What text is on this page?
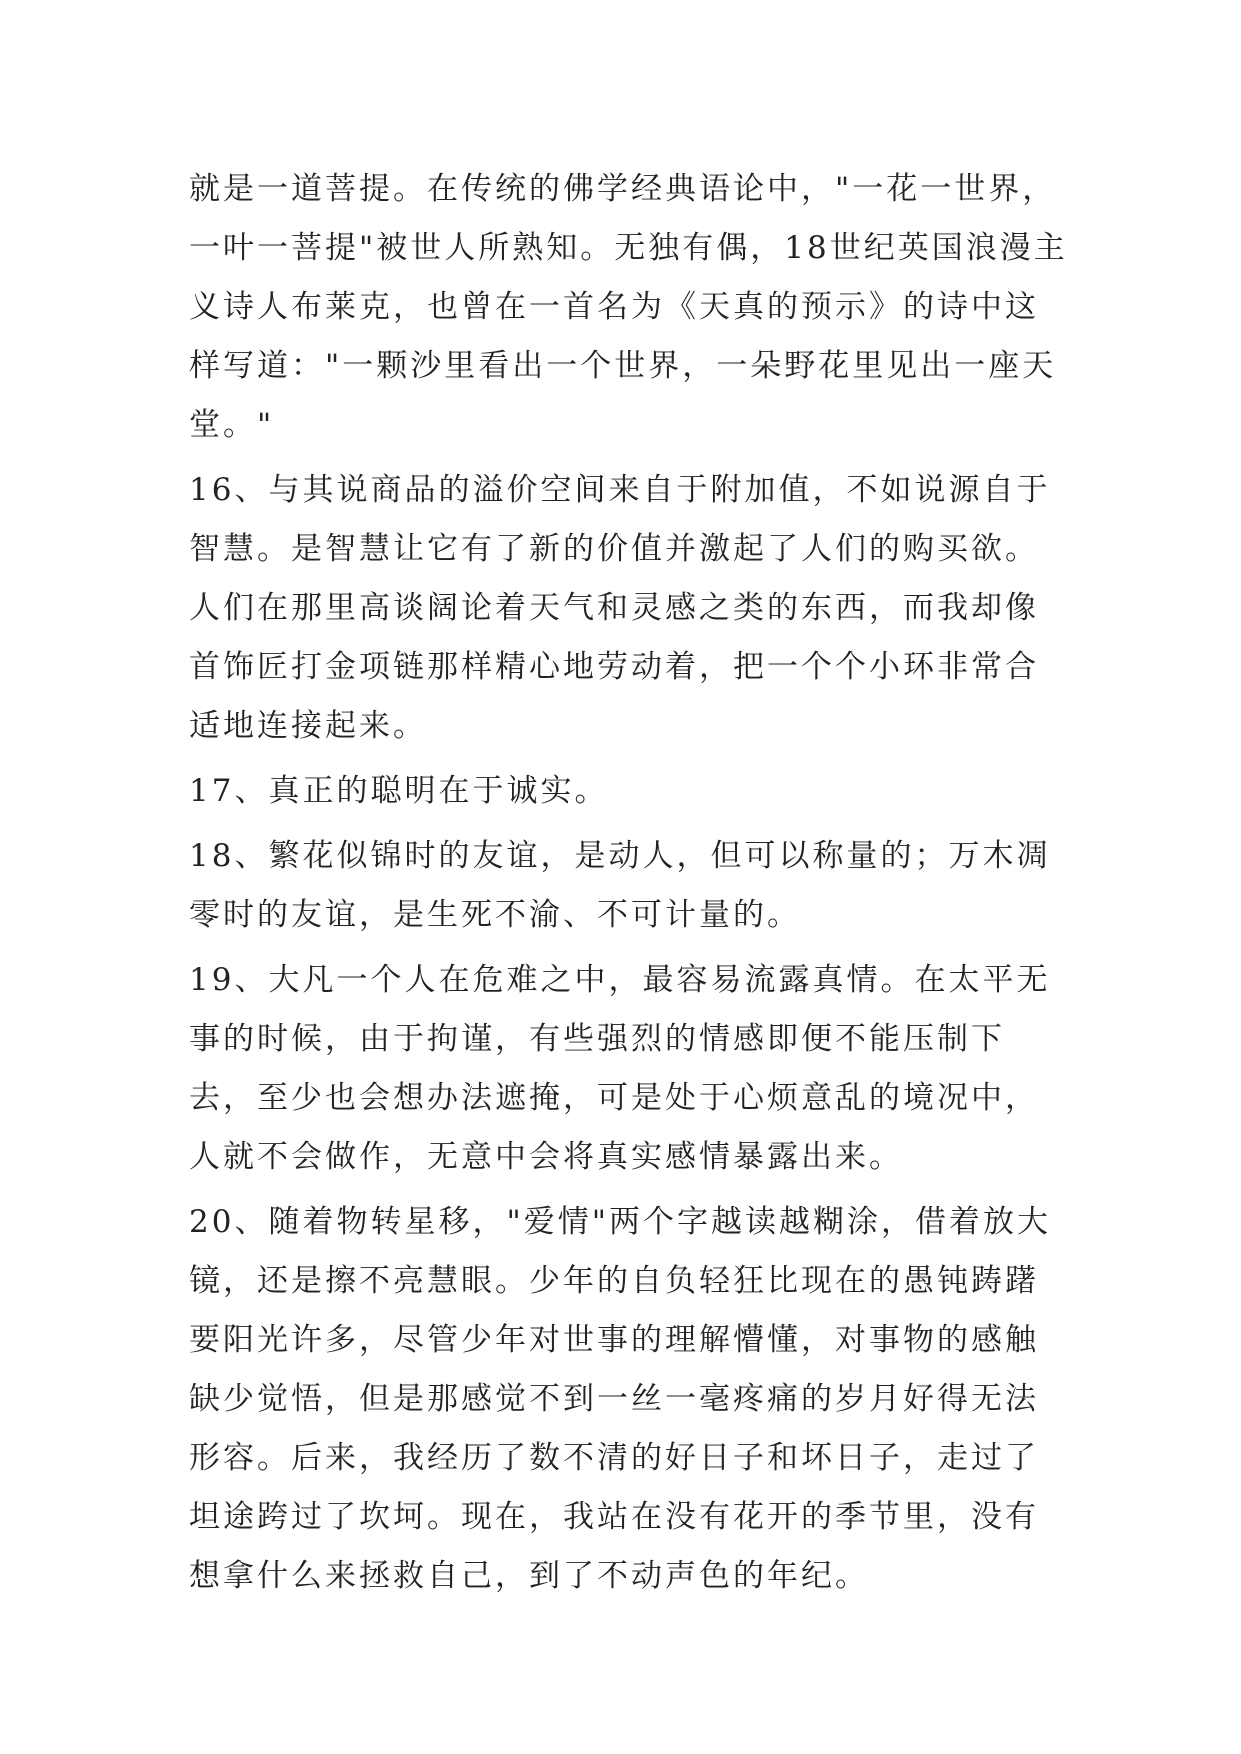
就是一道菩提。在传统的佛学经典语论中，"一花一世界，一叶一菩提"被世人所熟知。无独有偶，18世纪英国浪漫主义诗人布莱克，也曾在一首名为《天真的预示》的诗中这样写道："一颗沙里看出一个世界，一朵野花里见出一座天堂。"

16、与其说商品的溢价空间来自于附加值，不如说源自于智慧。是智慧让它有了新的价值并激起了人们的购买欲。人们在那里高谈阔论着天气和灵感之类的东西，而我却像首饰匠打金项链那样精心地劳动着，把一个个小环非常合适地连接起来。

17、真正的聪明在于诚实。

18、繁花似锦时的友谊，是动人，但可以称量的；万木凋零时的友谊，是生死不渝、不可计量的。

19、大凡一个人在危难之中，最容易流露真情。在太平无事的时候，由于拘谨，有些强烈的情感即便不能压制下去，至少也会想办法遮掩，可是处于心烦意乱的境况中，人就不会做作，无意中会将真实感情暴露出来。

20、随着物转星移，"爱情"两个字越读越糊涂，借着放大镜，还是擦不亮慧眼。少年的自负轻狂比现在的愚钝踌躇要阳光许多，尽管少年对世事的理解懵懂，对事物的感触缺少觉悟，但是那感觉不到一丝一毫疼痛的岁月好得无法形容。后来，我经历了数不清的好日子和坏日子，走过了坦途跨过了坎坷。现在，我站在没有花开的季节里，没有想拿什么来拯救自己，到了不动声色的年纪。
